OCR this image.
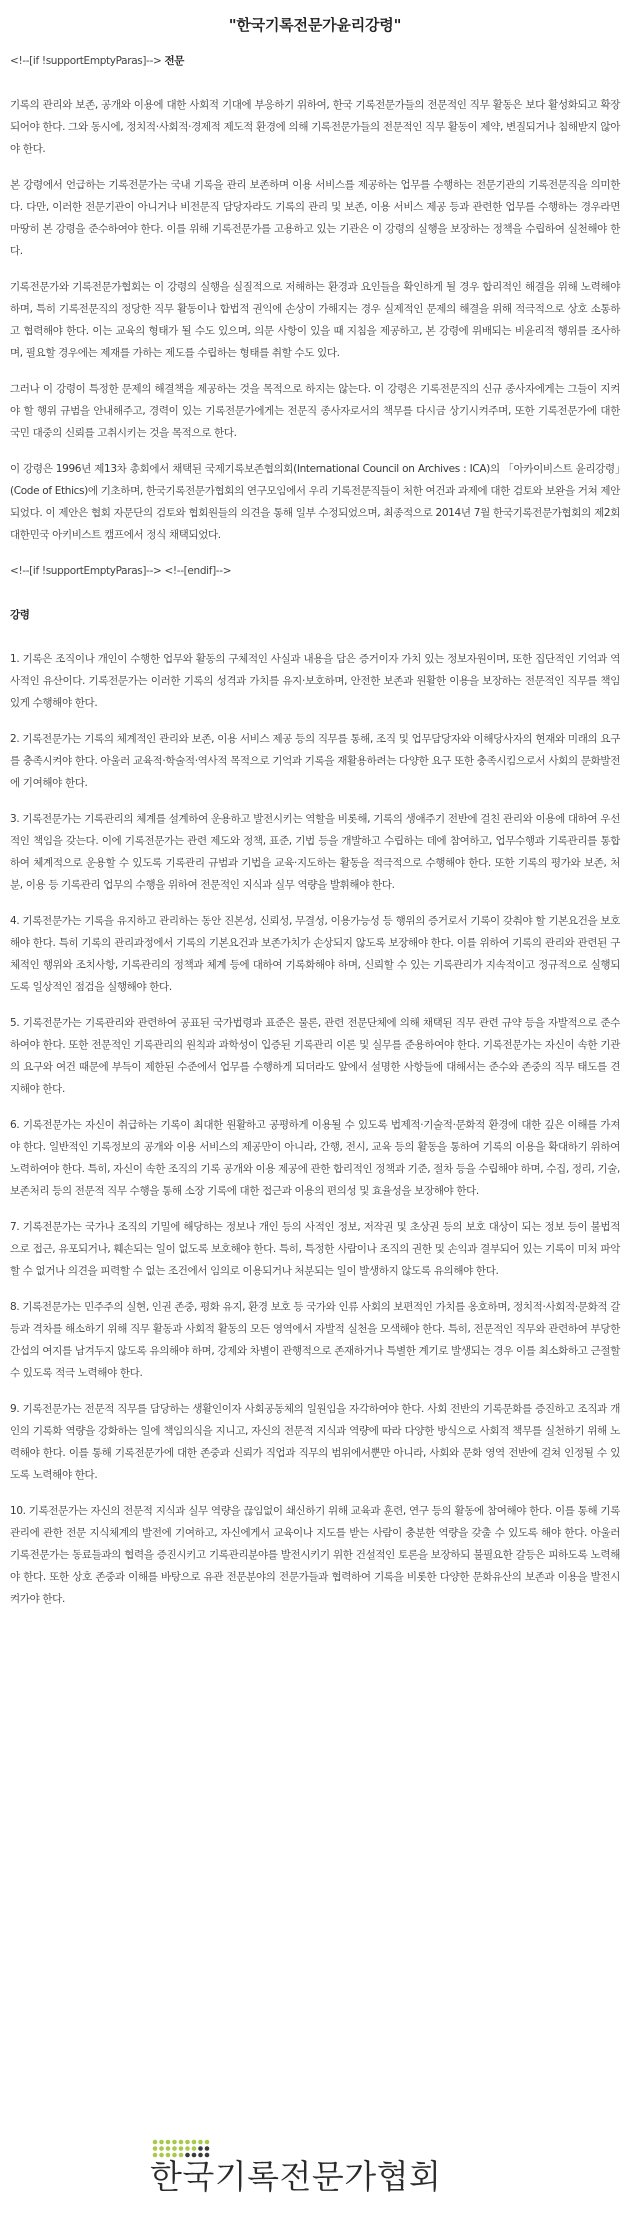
"한국기록전문가윤리강령"
<!--[if !supportEmptyParas]--> 전문

기록의 관리와 보존, 공개와 이용에 대한 사회적 기대에 부응하기 위하여, 한국 기록전문가들의 전문적인 직무 활동은 보다 활성화되고 확장되어야 한다. 그와 동시에, 정치적·사회적·경제적 제도적 환경에 의해 기록전문가들의 전문적인 직무 활동이 제약, 변질되거나 침해받지 않아야 한다.

본 강령에서 언급하는 기록전문가는 국내 기록을 관리 보존하며 이용 서비스를 제공하는 업무를 수행하는 전문기관의 기록전문직을 의미한다. 다만, 이러한 전문기관이 아니거나 비전문직 담당자라도 기록의 관리 및 보존, 이용 서비스 제공 등과 관련한 업무를 수행하는 경우라면 마땅히 본 강령을 준수하여야 한다. 이를 위해 기록전문가를 고용하고 있는 기관은 이 강령의 실행을 보장하는 정책을 수립하여 실천해야 한다.

기록전문가와 기록전문가협회는 이 강령의 실행을 실질적으로 저해하는 환경과 요인들을 확인하게 될 경우 합리적인 해결을 위해 노력해야 하며, 특히 기록전문직의 정당한 직무 활동이나 합법적 권익에 손상이 가해지는 경우 실제적인 문제의 해결을 위해 적극적으로 상호 소통하고 협력해야 한다. 이는 교육의 형태가 될 수도 있으며, 의문 사항이 있을 때 지침을 제공하고, 본 강령에 위배되는 비윤리적 행위를 조사하며, 필요할 경우에는 제재를 가하는 제도를 수립하는 형태를 취할 수도 있다.

그러나 이 강령이 특정한 문제의 해결책을 제공하는 것을 목적으로 하지는 않는다. 이 강령은 기록전문직의 신규 종사자에게는 그들이 지켜야 할 행위 규범을 안내해주고, 경력이 있는 기록전문가에게는 전문직 종사자로서의 책무를 다시금 상기시켜주며, 또한 기록전문가에 대한 국민 대중의 신뢰를 고취시키는 것을 목적으로 한다.

이 강령은 1996년 제13차 총회에서 채택된 국제기록보존협의회(International Council on Archives : ICA)의 「아카이비스트 윤리강령」(Code of Ethics)에 기초하며, 한국기록전문가협회의 연구모임에서 우리 기록전문직들이 처한 여건과 과제에 대한 검토와 보완을 거쳐 제안되었다. 이 제안은 협회 자문단의 검토와 협회원들의 의견을 통해 일부 수정되었으며, 최종적으로 2014년 7월 한국기록전문가협회의 제2회 대한민국 아키비스트 캠프에서 정식 채택되었다.

<!--[if !supportEmptyParas]--> <!--[endif]-->
강령

1. 기록은 조직이나 개인이 수행한 업무와 활동의 구체적인 사실과 내용을 담은 증거이자 가치 있는 정보자원이며, 또한 집단적인 기억과 역사적인 유산이다. 기록전문가는 이러한 기록의 성격과 가치를 유지·보호하며, 안전한 보존과 원활한 이용을 보장하는 전문적인 직무를 책임 있게 수행해야 한다.

2. 기록전문가는 기록의 체계적인 관리와 보존, 이용 서비스 제공 등의 직무를 통해, 조직 및 업무담당자와 이해당사자의 현재와 미래의 요구를 충족시켜야 한다. 아울러 교육적·학술적·역사적 목적으로 기억과 기록을 재활용하려는 다양한 요구 또한 충족시킴으로서 사회의 문화발전에 기여해야 한다.

3. 기록전문가는 기록관리의 체계를 설계하여 운용하고 발전시키는 역할을 비롯해, 기록의 생애주기 전반에 걸친 관리와 이용에 대하여 우선적인 책임을 갖는다. 이에 기록전문가는 관련 제도와 정책, 표준, 기법 등을 개발하고 수립하는 데에 참여하고, 업무수행과 기록관리를 통합하여 체계적으로 운용할 수 있도록 기록관리 규범과 기법을 교육·지도하는 활동을 적극적으로 수행해야 한다. 또한 기록의 평가와 보존, 처분, 이용 등 기록관리 업무의 수행을 위하여 전문적인 지식과 실무 역량을 발휘해야 한다.

4. 기록전문가는 기록을 유지하고 관리하는 동안 진본성, 신뢰성, 무결성, 이용가능성 등 행위의 증거로서 기록이 갖춰야 할 기본요건을 보호해야 한다. 특히 기록의 관리과정에서 기록의 기본요건과 보존가치가 손상되지 않도록 보장해야 한다. 이를 위하여 기록의 관리와 관련된 구체적인 행위와 조치사항, 기록관리의 정책과 체계 등에 대하여 기록화해야 하며, 신뢰할 수 있는 기록관리가 지속적이고 정규적으로 실행되도록 일상적인 점검을 실행해야 한다.

5. 기록전문가는 기록관리와 관련하여 공표된 국가법령과 표준은 물론, 관련 전문단체에 의해 채택된 직무 관련 규약 등을 자발적으로 준수하여야 한다. 또한 전문적인 기록관리의 원칙과 과학성이 입증된 기록관리 이론 및 실무를 준용하여야 한다. 기록전문가는 자신이 속한 기관의 요구와 여건 때문에 부득이 제한된 수준에서 업무를 수행하게 되더라도 앞에서 설명한 사항들에 대해서는 준수와 존중의 직무 태도를 견지해야 한다.

6. 기록전문가는 자신이 취급하는 기록이 최대한 원활하고 공평하게 이용될 수 있도록 법제적·기술적·문화적 환경에 대한 깊은 이해를 가져야 한다. 일반적인 기록정보의 공개와 이용 서비스의 제공만이 아니라, 간행, 전시, 교육 등의 활동을 통하여 기록의 이용을 확대하기 위하여 노력하여야 한다. 특히, 자신이 속한 조직의 기록 공개와 이용 제공에 관한 합리적인 정책과 기준, 절차 등을 수립해야 하며, 수집, 정리, 기술, 보존처리 등의 전문적 직무 수행을 통해 소장 기록에 대한 접근과 이용의 편의성 및 효율성을 보장해야 한다.

7. 기록전문가는 국가나 조직의 기밀에 해당하는 정보나 개인 등의 사적인 정보, 저작권 및 초상권 등의 보호 대상이 되는 정보 등이 불법적으로 접근, 유포되거나, 훼손되는 일이 없도록 보호해야 한다. 특히, 특정한 사람이나 조직의 권한 및 손익과 결부되어 있는 기록이 미처 파악할 수 없거나 의견을 피력할 수 없는 조건에서 임의로 이용되거나 처분되는 일이 발생하지 않도록 유의해야 한다.

8. 기록전문가는 민주주의 실현, 인권 존중, 평화 유지, 환경 보호 등 국가와 인류 사회의 보편적인 가치를 옹호하며, 정치적·사회적·문화적 갈등과 격차를 해소하기 위해 직무 활동과 사회적 활동의 모든 영역에서 자발적 실천을 모색해야 한다. 특히, 전문적인 직무와 관련하여 부당한 간섭의 여지를 남겨두지 않도록 유의해야 하며, 강제와 차별이 관행적으로 존재하거나 특별한 계기로 발생되는 경우 이를 최소화하고 근절할 수 있도록 적극 노력해야 한다.

9. 기록전문가는 전문적 직무를 담당하는 생활인이자 사회공동체의 일원임을 자각하여야 한다. 사회 전반의 기록문화를 증진하고 조직과 개인의 기록화 역량을 강화하는 일에 책임의식을 지니고, 자신의 전문적 지식과 역량에 따라 다양한 방식으로 사회적 책무를 실천하기 위해 노력해야 한다. 이를 통해 기록전문가에 대한 존중과 신뢰가 직업과 직무의 범위에서뿐만 아니라, 사회와 문화 영역 전반에 걸쳐 인정될 수 있도록 노력해야 한다.

10. 기록전문가는 자신의 전문적 지식과 실무 역량을 끊임없이 쇄신하기 위해 교육과 훈련, 연구 등의 활동에 참여해야 한다. 이를 통해 기록관리에 관한 전문 지식체계의 발전에 기여하고, 자신에게서 교육이나 지도를 받는 사람이 충분한 역량을 갖출 수 있도록 해야 한다. 아울러 기록전문가는 동료들과의 협력을 증진시키고 기록관리분야를 발전시키기 위한 건설적인 토론을 보장하되 불필요한 갈등은 피하도록 노력해야 한다. 또한 상호 존중과 이해를 바탕으로 유관 전문분야의 전문가들과 협력하여 기록을 비롯한 다양한 문화유산의 보존과 이용을 발전시켜가야 한다.

한국기록전문가협회
